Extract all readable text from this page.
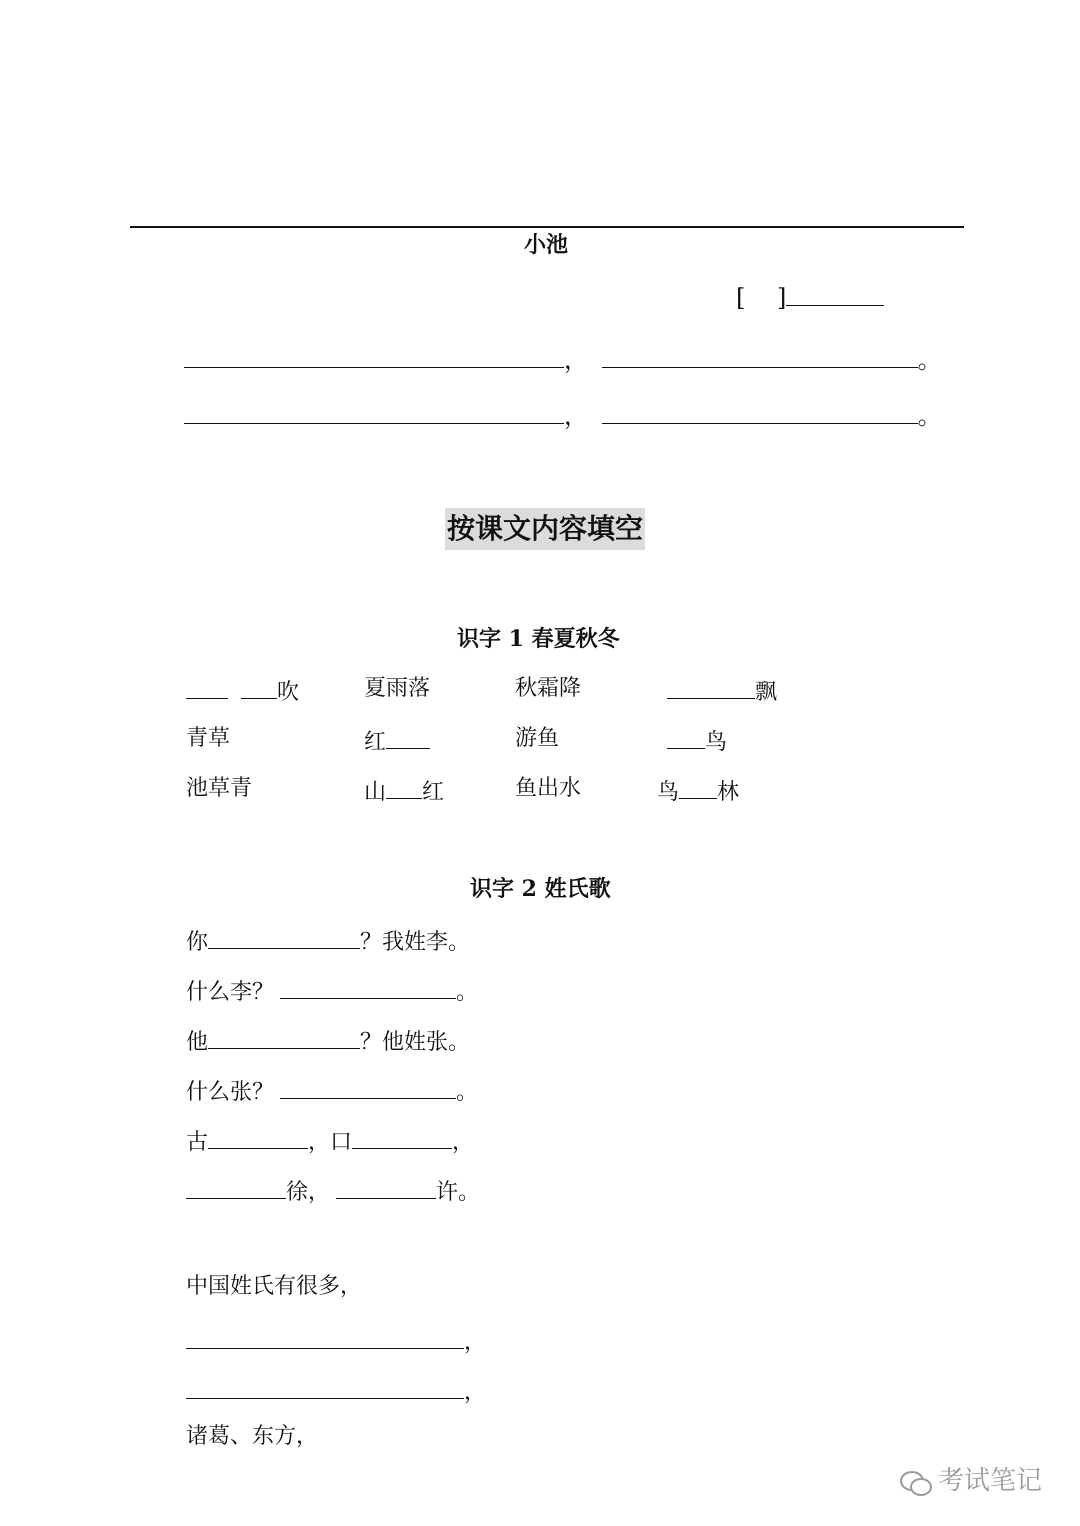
小池
[　 ]
，	。
，	。
按课文内容填空
识字 1 春夏秋冬
吹	夏雨落	秋霜降	飘
青草	红	游鱼	鸟
池草青	山 红	鱼出水	鸟 林
识字 2 姓氏歌
你	？我姓李。
什么李？	。
他	？他姓张。
什么张？	。
古	，口	，
徐，	许。
中国姓氏有很多，
，
，
诸葛、东方，
考试笔记
